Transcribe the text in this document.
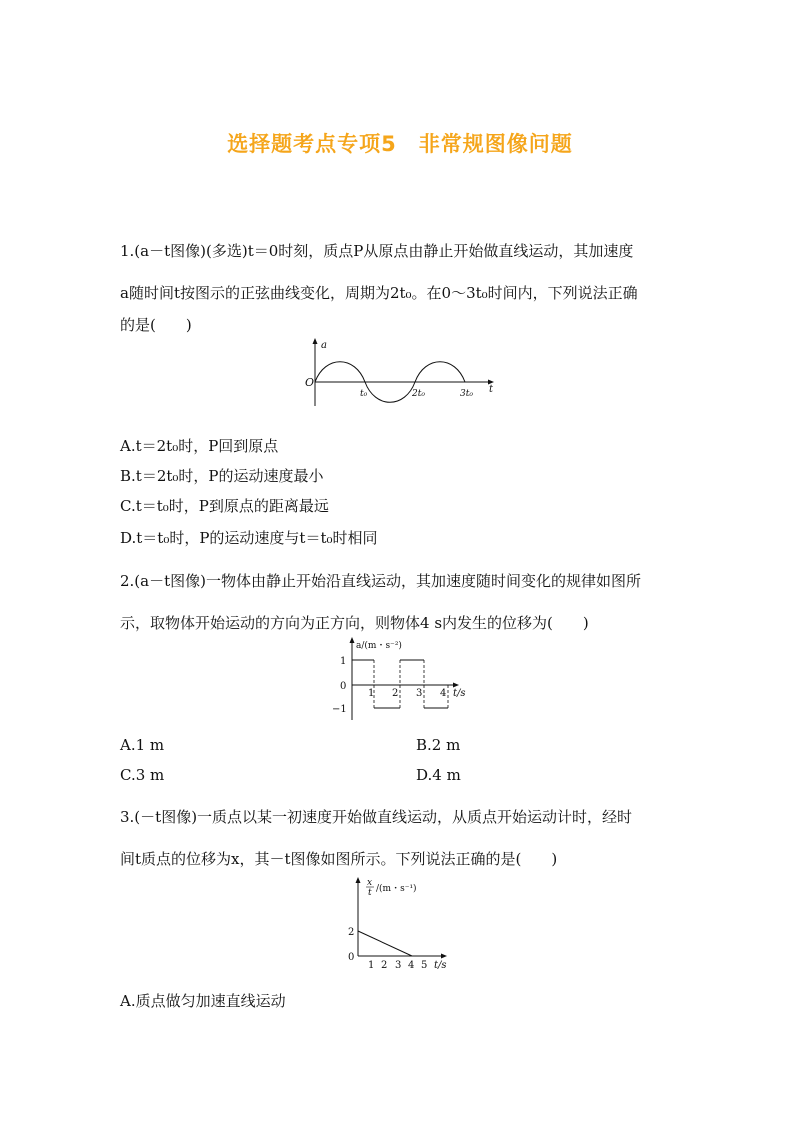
选择题考点专项5　非常规图像问题
1.(a－t图像)(多选)t＝0时刻，质点P从原点由静止开始做直线运动，其加速度
a随时间t按图示的正弦曲线变化，周期为2t₀。在0～3t₀时间内，下列说法正确
的是(　　)
a
O
t
t₀	2t₀	3t₀
A.t＝2t₀时，P回到原点
B.t＝2t₀时，P的运动速度最小
C.t＝t₀时，P到原点的距离最远
D.t＝t₀时，P的运动速度与t＝t₀时相同
2.(a－t图像)一物体由静止开始沿直线运动，其加速度随时间变化的规律如图所
示，取物体开始运动的方向为正方向，则物体4 s内发生的位移为(　　)
a/(m・s⁻²)
1
0
−1
1 2 3 4 t/s
A.1 m	B.2 m
C.3 m	D.4 m
3.(－t图像)一质点以某一初速度开始做直线运动，从质点开始运动计时，经时
间t质点的位移为x，其－t图像如图所示。下列说法正确的是(　　)
x
t /(m・s⁻¹)
2
0
1 2 3 4 5 t/s
A.质点做匀加速直线运动
